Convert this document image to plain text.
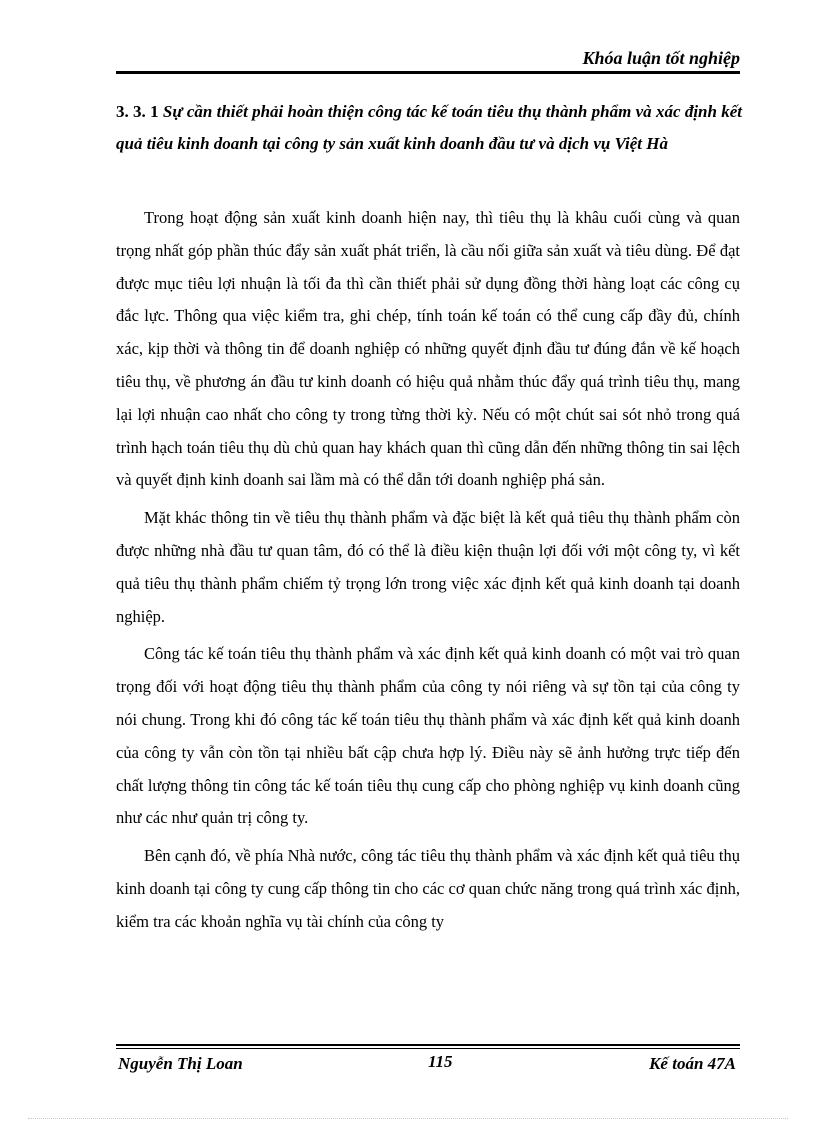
Khóa luận tốt nghiệp
3. 3. 1 Sự cần thiết phải hoàn thiện công tác kế toán tiêu thụ thành phẩm và xác định kết quả tiêu kinh doanh tại công ty sản xuất kinh doanh đầu tư và dịch vụ Việt Hà

Trong hoạt động sản xuất kinh doanh hiện nay, thì tiêu thụ là khâu cuối cùng và quan trọng nhất góp phần thúc đẩy sản xuất phát triển, là cầu nối giữa sản xuất và tiêu dùng. Để đạt được mục tiêu lợi nhuận là tối đa thì cần thiết phải sử dụng đồng thời hàng loạt các công cụ đắc lực. Thông qua việc kiểm tra, ghi chép, tính toán kế toán có thể cung cấp đầy đủ, chính xác, kịp thời và thông tin để doanh nghiệp có những quyết định đầu tư đúng đắn về kế hoạch tiêu thụ, về phương án đầu tư kinh doanh có hiệu quả nhằm thúc đẩy quá trình tiêu thụ, mang lại lợi nhuận cao nhất cho công ty trong từng thời kỳ. Nếu có một chút sai sót nhỏ trong quá trình hạch toán tiêu thụ dù chủ quan hay khách quan thì cũng dẫn đến những thông tin sai lệch và quyết định kinh doanh sai lầm mà có thể dẫn tới doanh nghiệp phá sản.

Mặt khác thông tin về tiêu thụ thành phẩm và đặc biệt là kết quả tiêu thụ thành phẩm còn được những nhà đầu tư quan tâm, đó có thể là điều kiện thuận lợi đối với một công ty, vì kết quả tiêu thụ thành phẩm chiếm tỷ trọng lớn trong việc xác định kết quả kinh doanh tại doanh nghiệp.

Công tác kế toán tiêu thụ thành phẩm và xác định kết quả kinh doanh có một vai trò quan trọng đối với hoạt động tiêu thụ thành phẩm của công ty nói riêng và sự tồn tại của công ty nói chung. Trong khi đó công tác kế toán tiêu thụ thành phẩm và xác định kết quả kinh doanh của công ty vẫn còn tồn tại nhiều bất cập chưa hợp lý. Điều này sẽ ảnh hưởng trực tiếp đến chất lượng thông tin công tác kế toán tiêu thụ cung cấp cho phòng nghiệp vụ kinh doanh cũng như các như quản trị công ty.

Bên cạnh đó, về phía Nhà nước, công tác tiêu thụ thành phẩm và xác định kết quả tiêu thụ kinh doanh tại công ty cung cấp thông tin cho các cơ quan chức năng trong quá trình xác định, kiểm tra các khoản nghĩa vụ tài chính của công ty

Nguyễn Thị Loan	115	Kế toán 47A
